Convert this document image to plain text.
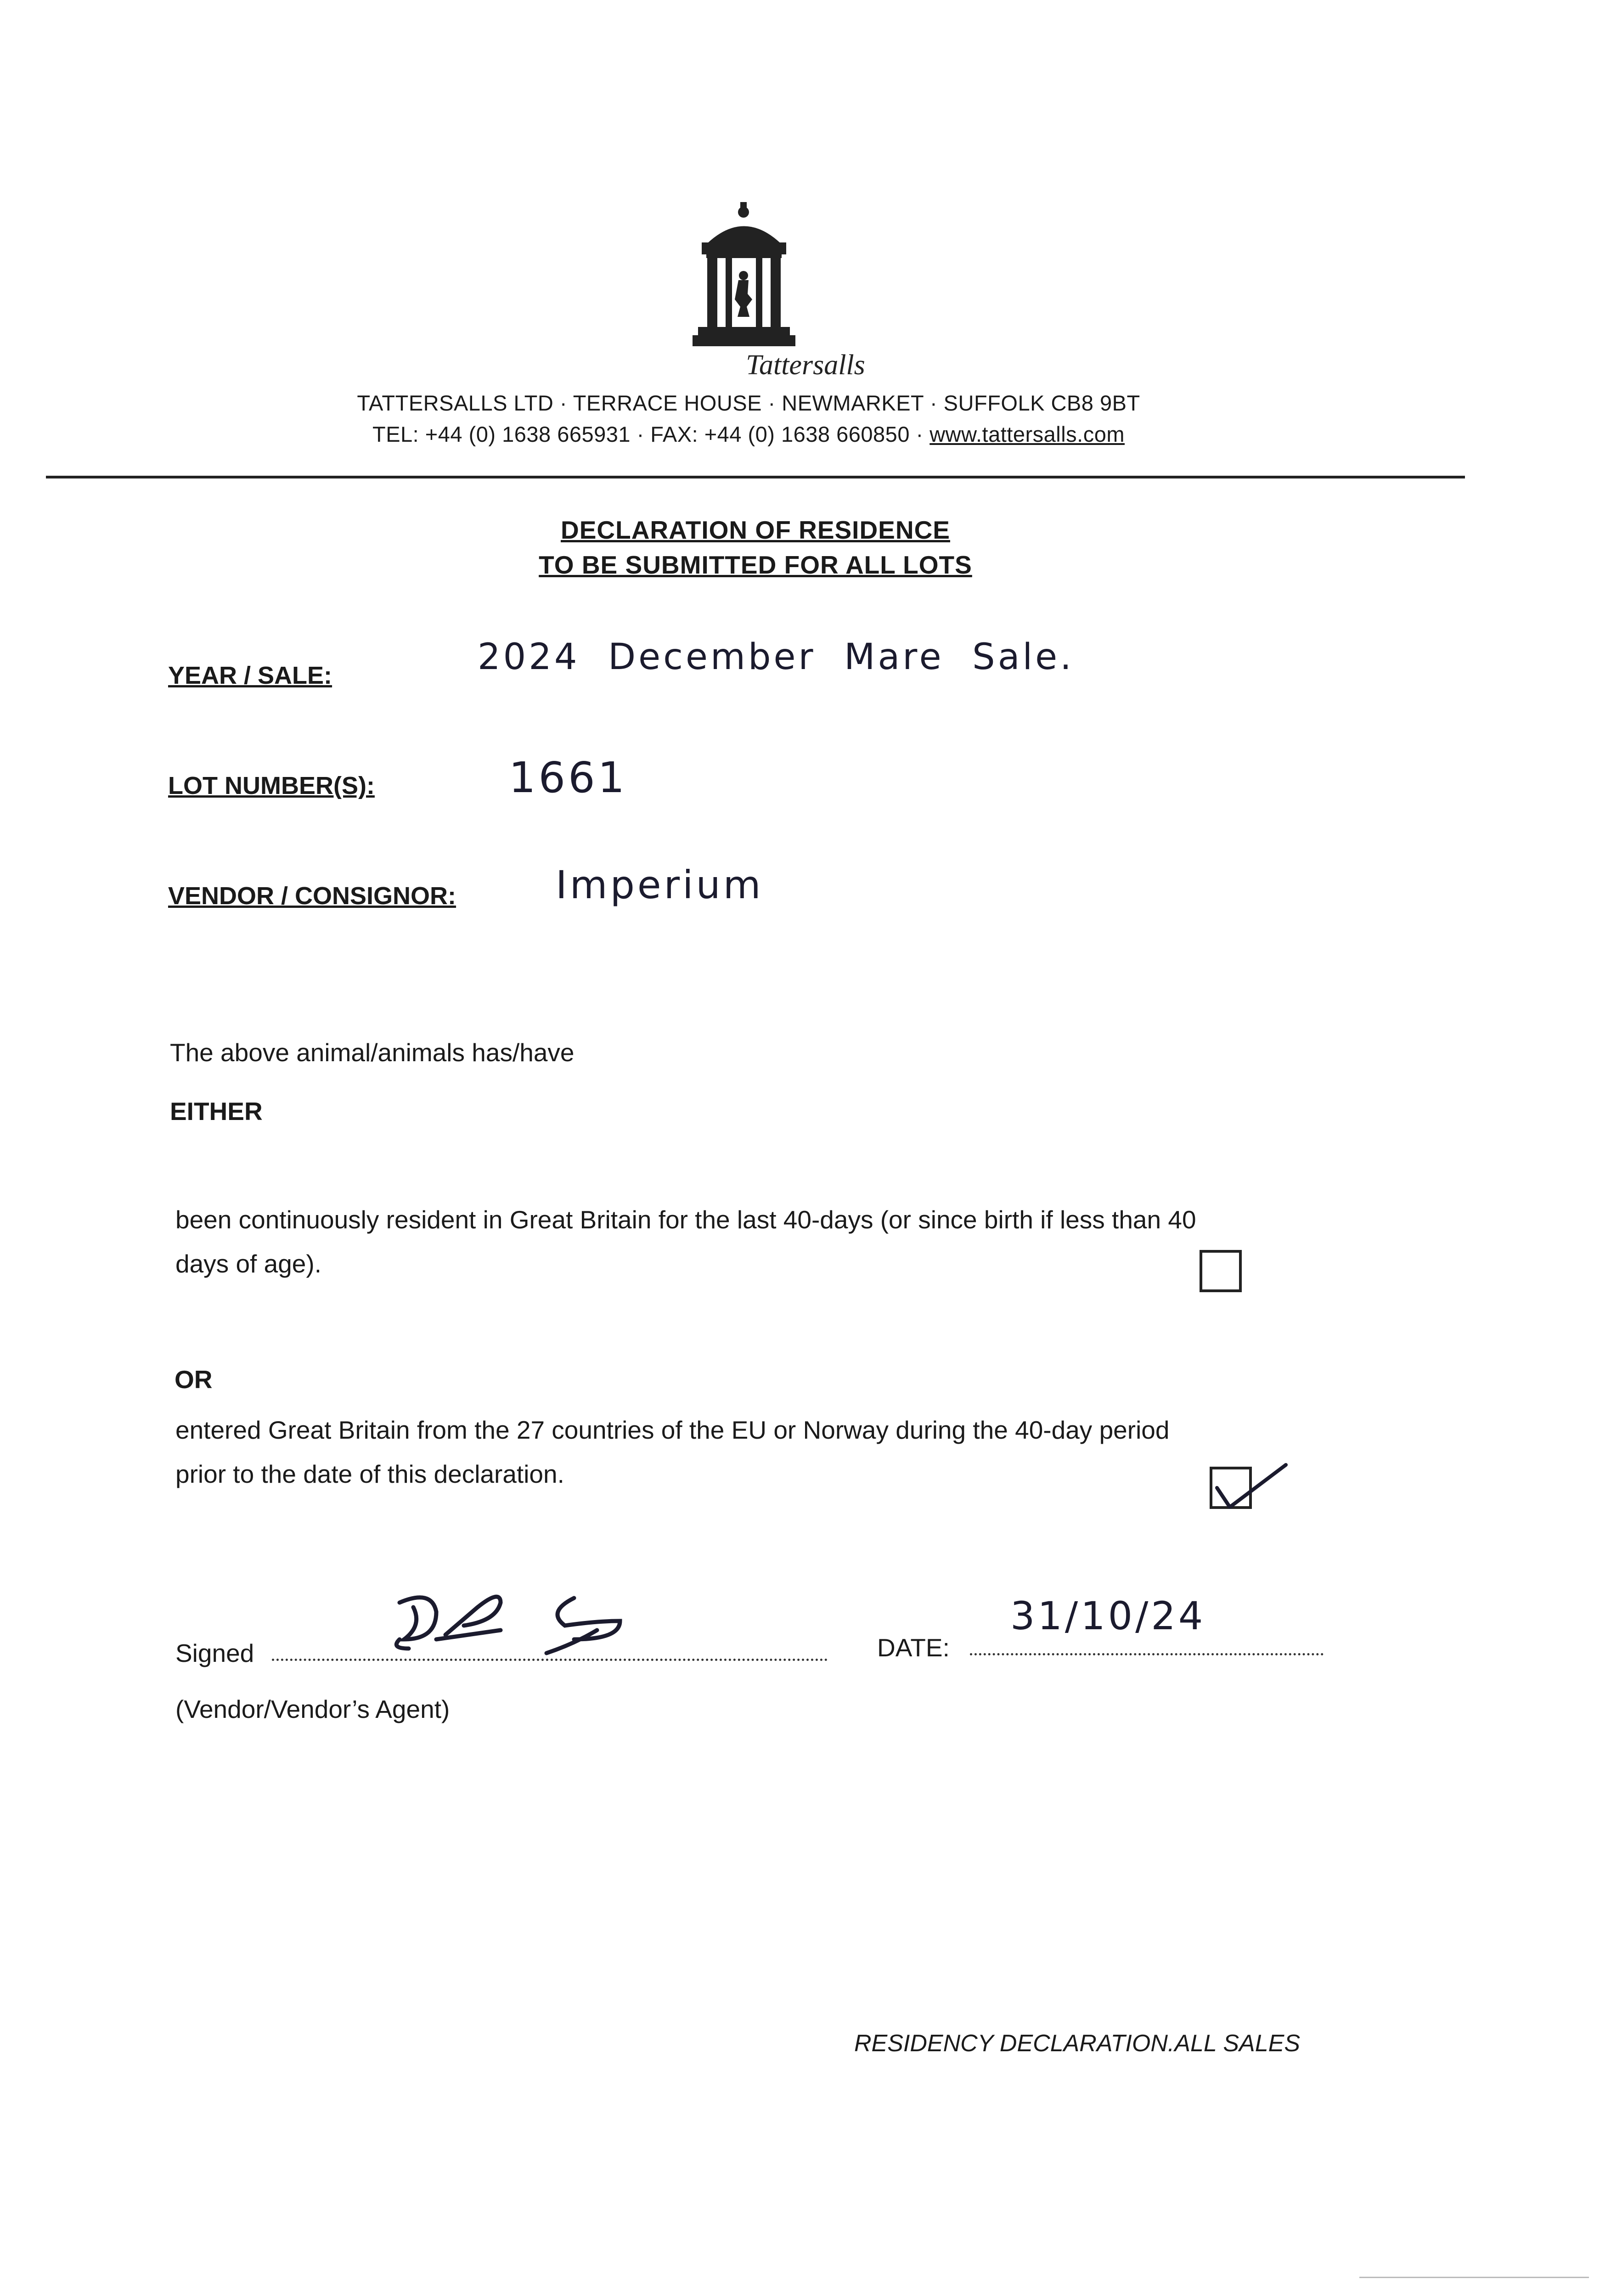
Tattersalls
TATTERSALLS LTD · TERRACE HOUSE · NEWMARKET · SUFFOLK CB8 9BT
TEL: +44 (0) 1638 665931 · FAX: +44 (0) 1638 660850 · www.tattersalls.com
DECLARATION OF RESIDENCE
TO BE SUBMITTED FOR ALL LOTS
YEAR / SALE:	2024  December  Mare  Sale.
LOT NUMBER(S):	1661
VENDOR / CONSIGNOR:	Imperium
The above animal/animals has/have
EITHER
been continuously resident in Great Britain for the last 40-days (or since birth if less than 40
days of age).
OR
entered Great Britain from the 27 countries of the EU or Norway during the 40-day period
prior to the date of this declaration.
Signed	DATE:
31/10/24
(Vendor/Vendor’s Agent)
RESIDENCY DECLARATION.ALL SALES
